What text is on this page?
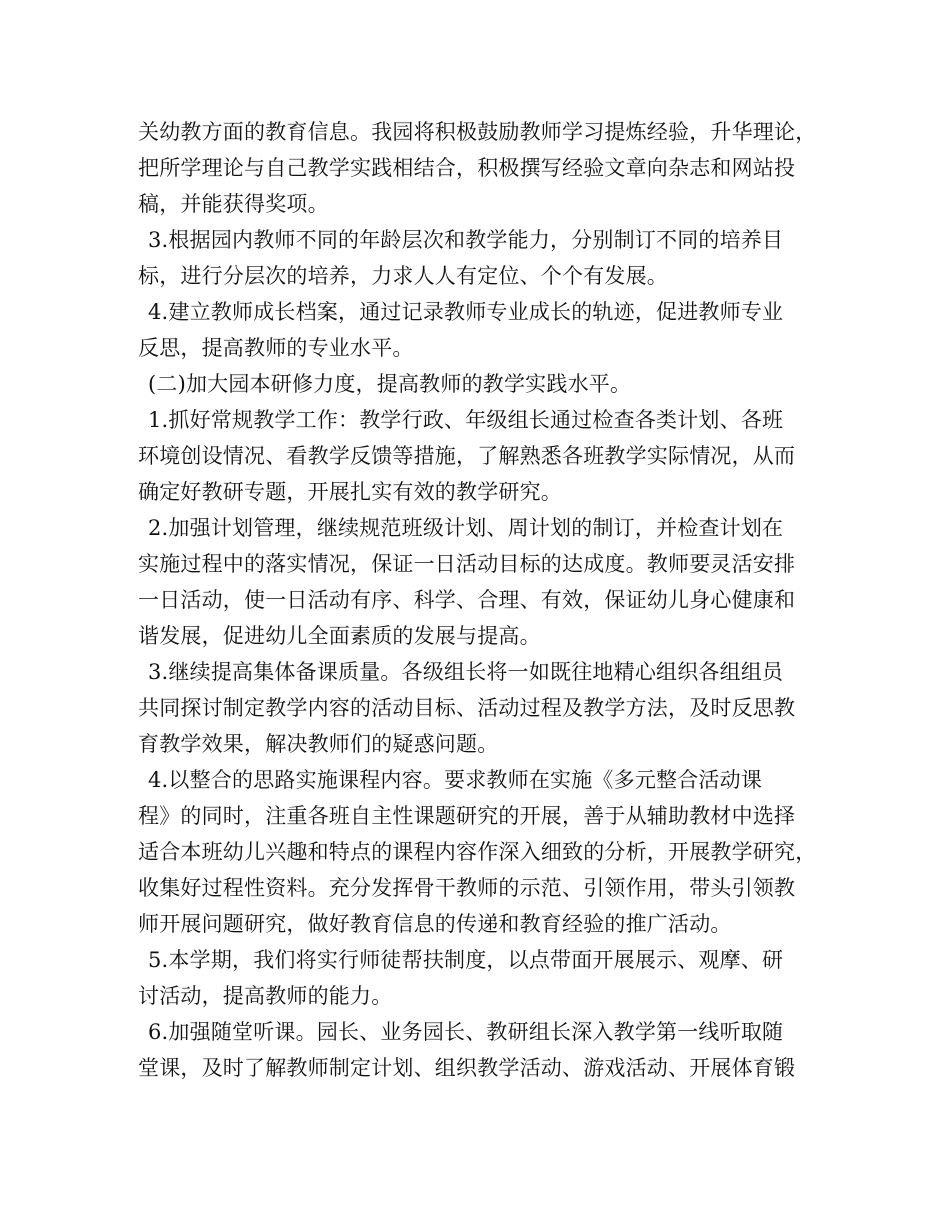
关幼教方面的教育信息。我园将积极鼓励教师学习提炼经验，升华理论，
把所学理论与自己教学实践相结合，积极撰写经验文章向杂志和网站投
稿，并能获得奖项。
3.根据园内教师不同的年龄层次和教学能力，分别制订不同的培养目
标，进行分层次的培养，力求人人有定位、个个有发展。
4.建立教师成长档案，通过记录教师专业成长的轨迹，促进教师专业
反思，提高教师的专业水平。
(二)加大园本研修力度，提高教师的教学实践水平。
1.抓好常规教学工作：教学行政、年级组长通过检查各类计划、各班
环境创设情况、看教学反馈等措施，了解熟悉各班教学实际情况，从而
确定好教研专题，开展扎实有效的教学研究。
2.加强计划管理，继续规范班级计划、周计划的制订，并检查计划在
实施过程中的落实情况，保证一日活动目标的达成度。教师要灵活安排
一日活动，使一日活动有序、科学、合理、有效，保证幼儿身心健康和
谐发展，促进幼儿全面素质的发展与提高。
3.继续提高集体备课质量。各级组长将一如既往地精心组织各组组员
共同探讨制定教学内容的活动目标、活动过程及教学方法，及时反思教
育教学效果，解决教师们的疑惑问题。
4.以整合的思路实施课程内容。要求教师在实施《多元整合活动课
程》的同时，注重各班自主性课题研究的开展，善于从辅助教材中选择
适合本班幼儿兴趣和特点的课程内容作深入细致的分析，开展教学研究，
收集好过程性资料。充分发挥骨干教师的示范、引领作用，带头引领教
师开展问题研究，做好教育信息的传递和教育经验的推广活动。
5.本学期，我们将实行师徒帮扶制度，以点带面开展展示、观摩、研
讨活动，提高教师的能力。
6.加强随堂听课。园长、业务园长、教研组长深入教学第一线听取随
堂课，及时了解教师制定计划、组织教学活动、游戏活动、开展体育锻
